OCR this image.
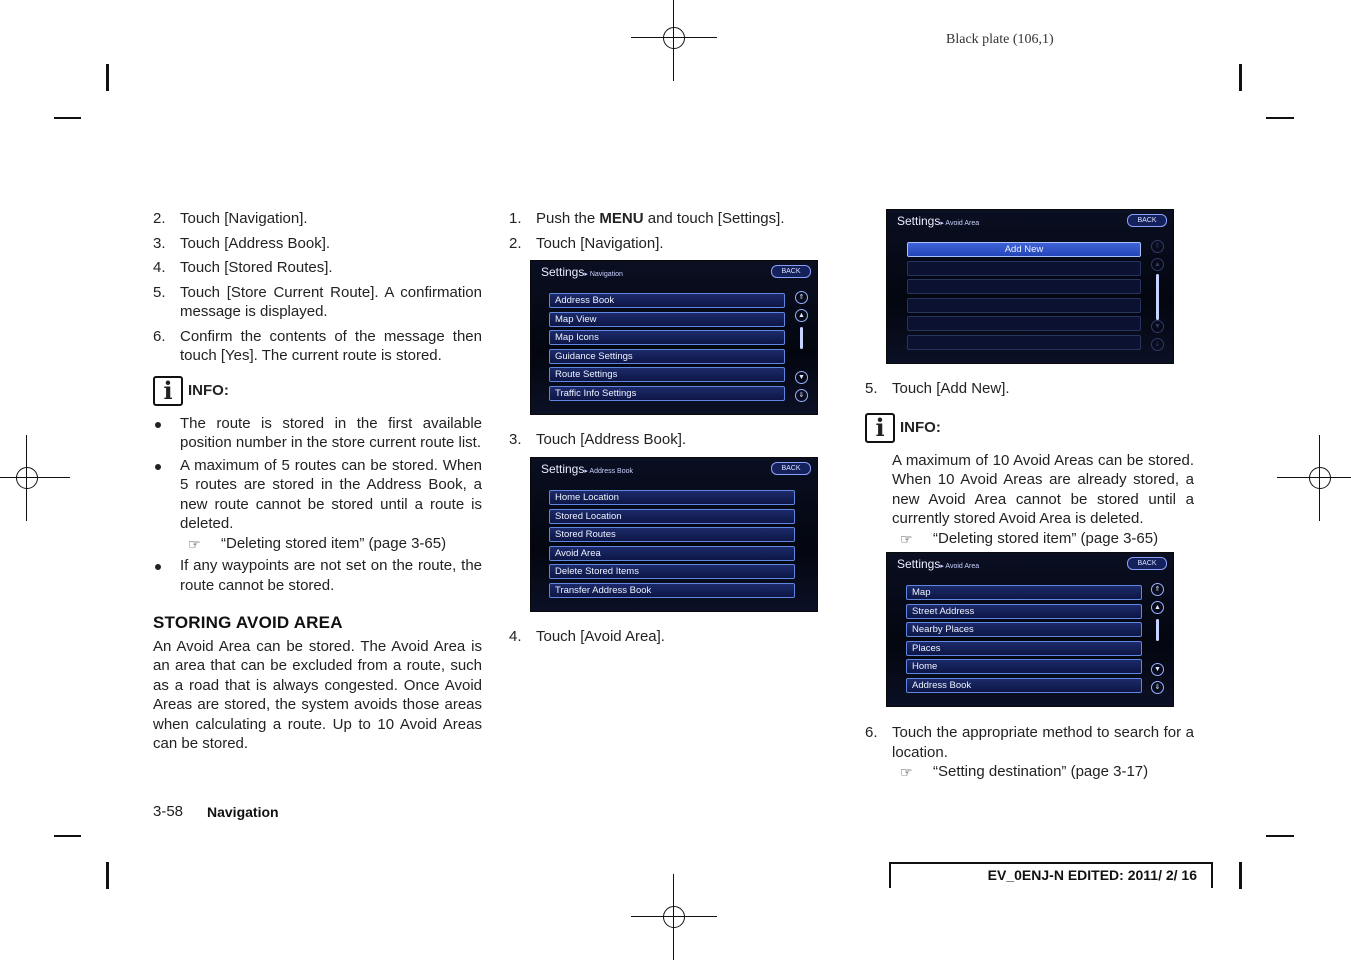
Black plate (106,1)
2. Touch [Navigation].
3. Touch [Address Book].
4. Touch [Stored Routes].
5. Touch [Store Current Route]. A confirmation message is displayed.
6. Confirm the contents of the message then touch [Yes]. The current route is stored.
i	INFO:
The route is stored in the first available position number in the store current route list.
A maximum of 5 routes can be stored. When 5 routes are stored in the Address Book, a new route cannot be stored until a route is deleted.
☞ “Deleting stored item” (page 3-65)
If any waypoints are not set on the route, the route cannot be stored.
STORING AVOID AREA
An Avoid Area can be stored. The Avoid Area is an area that can be excluded from a route, such as a road that is always congested. Once Avoid Areas are stored, the system avoids those areas when calculating a route. Up to 10 Avoid Areas can be stored.
1. Push the MENU and touch [Settings].
2. Touch [Navigation].
3. Touch [Address Book].
4. Touch [Avoid Area].
Settings▸ Navigation	BACK
Address Book
Map View
Map Icons
Guidance Settings
Route Settings
Traffic Info Settings
⇑
▲
▼
⇓
Settings▸ Address Book	BACK
Home Location
Stored Location
Stored Routes
Avoid Area
Delete Stored Items
Transfer Address Book
Settings▸ Avoid Area	BACK
Add New	⇑
▲
▼
⇓
5. Touch [Add New].
i	INFO:
A maximum of 10 Avoid Areas can be stored. When 10 Avoid Areas are already stored, a new Avoid Area cannot be stored until a currently stored Avoid Area is deleted.
☞ “Deleting stored item” (page 3-65)
Settings▸ Avoid Area	BACK
Map
Street Address
Nearby Places
Places
Home
Address Book
⇑
▲
▼
⇓
6. Touch the appropriate method to search for a location.
☞ “Setting destination” (page 3-17)
3-58 Navigation
EV_0ENJ-N EDITED: 2011/ 2/ 16
